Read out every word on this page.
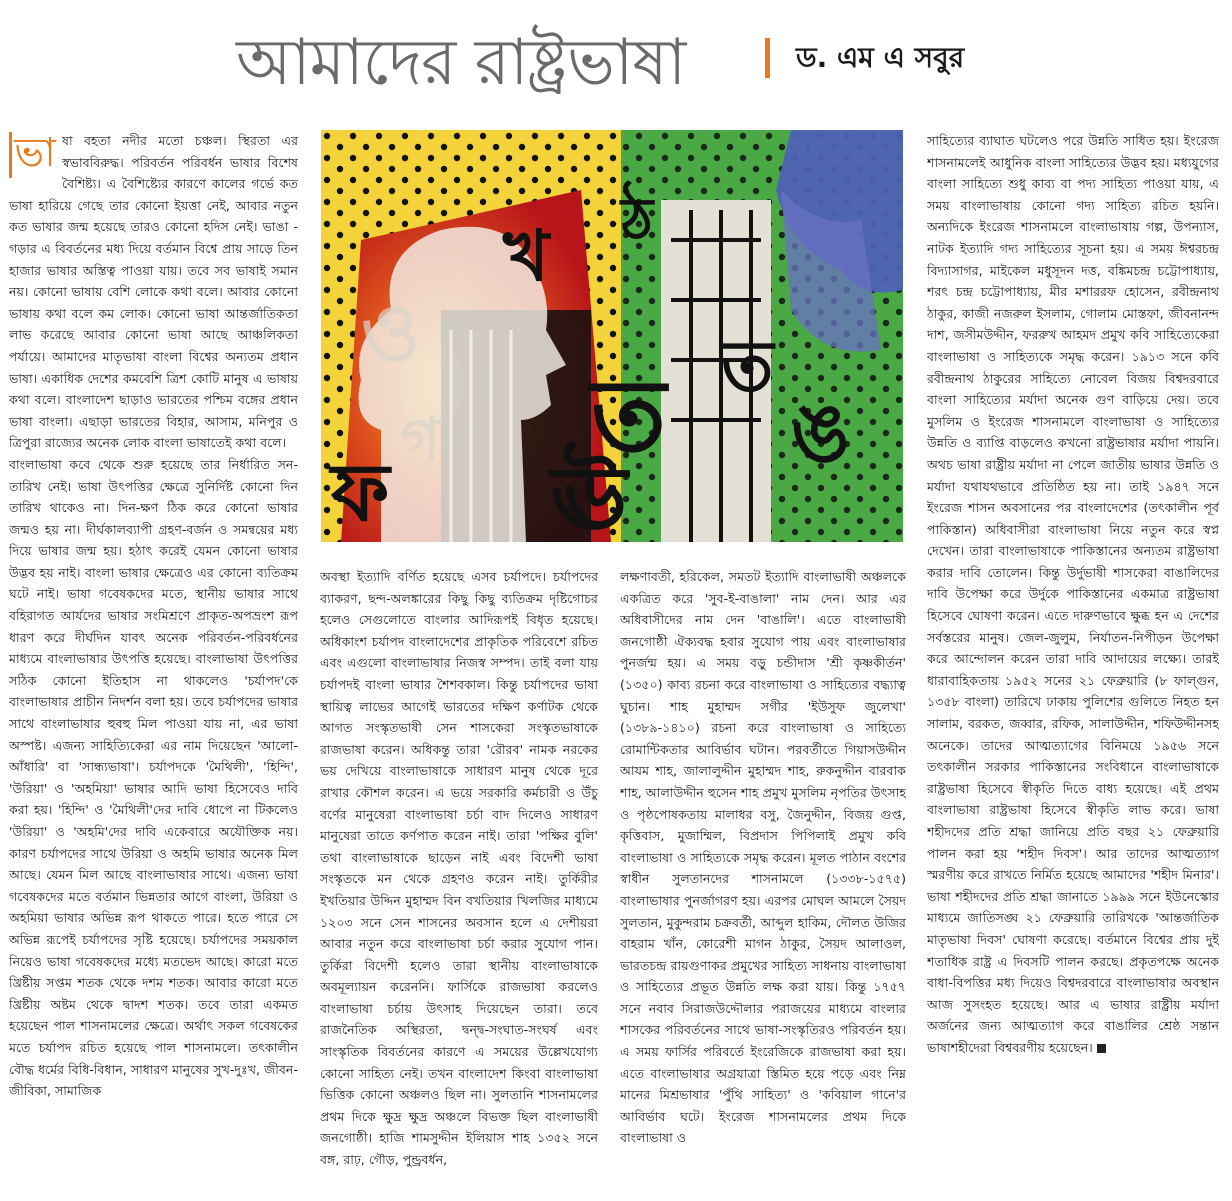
আমাদের রাষ্ট্রভাষা	ড. এম এ সবুর
ভা ষা বহতা নদীর মতো চঞ্চল। স্থিরতা এর স্বভাববিরুদ্ধ। পরিবর্তন পরিবর্ধন ভাষার বিশেষ বৈশিষ্ট্য। এ বৈশিষ্ট্যের কারণে কালের গর্ভে কত ভাষা হারিয়ে গেছে তার কোনো ইয়ত্তা নেই, আবার নতুন কত ভাষার জন্ম হয়েছে তারও কোনো হদিস নেই। ভাঙা - গড়ার এ বিবর্তনের মধ্য দিয়ে বর্তমান বিশ্বে প্রায় সাড়ে তিন হাজার ভাষার অস্তিত্ব পাওয়া যায়। তবে সব ভাষাই সমান নয়। কোনো ভাষায় বেশি লোকে কথা বলে। আবার কোনো ভাষায় কথা বলে কম লোক। কোনো ভাষা আন্তর্জাতিকতা লাভ করেছে আবার কোনো ভাষা আছে আঞ্চলিকতা পর্যায়ে। আমাদের মাতৃভাষা বাংলা বিশ্বের অন্যতম প্রধান ভাষা। একাধিক দেশের কমবেশি ত্রিশ কোটি মানুষ এ ভাষায় কথা বলে। বাংলাদেশ ছাড়াও ভারতের পশ্চিম বঙ্গের প্রধান ভাষা বাংলা। এছাড়া ভারতের বিহার, আসাম, মনিপুর ও ত্রিপুরা রাজ্যের অনেক লোক বাংলা ভাষাতেই কথা বলে।

বাংলাভাষা কবে থেকে শুরু হয়েছে তার নির্ধারিত সন-তারিখ নেই। ভাষা উৎপত্তির ক্ষেত্রে সুনির্দিষ্ট কোনো দিন তারিখ থাকেও না। দিন-ক্ষণ ঠিক করে কোনো ভাষার জন্মও হয় না। দীর্ঘকালব্যাপী গ্রহণ-বর্জন ও সমন্বয়ের মধ্য দিয়ে ভাষার জন্ম হয়। হঠাৎ করেই যেমন কোনো ভাষার উদ্ভব হয় নাই। বাংলা ভাষার ক্ষেত্রেও এর কোনো ব্যতিক্রম ঘটে নাই। ভাষা গবেষকদের মতে, স্থানীয় ভাষার সাথে বহিরাগত আর্যদের ভাষার সংমিশ্রণে প্রাকৃত-অপভ্রংশ রূপ ধারণ করে দীর্ঘদিন যাবৎ অনেক পরিবর্তন-পরিবর্ধনের মাধ্যমে বাংলাভাষার উৎপত্তি হয়েছে। বাংলাভাষা উৎপত্তির সঠিক কোনো ইতিহাস না থাকলেও 'চর্যাপদ'কে বাংলাভাষার প্রাচীন নিদর্শন বলা হয়। তবে চর্যাপদের ভাষার সাথে বাংলাভাষার হুবহু মিল পাওয়া যায় না, এর ভাষা অস্পষ্ট। এজন্য সাহিত্যিকেরা এর নাম দিয়েছেন 'আলো-আঁধারি' বা 'সান্ধ্যভাষা'। চর্যাপদকে 'মৈথিলী', 'হিন্দি', 'উরিয়া' ও 'অহমিয়া' ভাষার আদি ভাষা হিসেবেও দাবি করা হয়। 'হিন্দি' ও 'মৈথিলী'দের দাবি ধোপে না টিকলেও 'উরিয়া' ও 'অহমি'দের দাবি একেবারে অযৌক্তিক নয়। কারণ চর্যাপদের সাথে উরিয়া ও অহমি ভাষার অনেক মিল আছে। যেমন মিল আছে বাংলাভাষার সাথে। এজন্য ভাষা গবেষকদের মতে বর্তমান ভিন্নতার আগে বাংলা, উরিয়া ও অহমিয়া ভাষার অভিন্ন রূপ থাকতে পারে। হতে পারে সে অভিন্ন রূপেই চর্যাপদের সৃষ্টি হয়েছে। চর্যাপদের সময়কাল নিয়েও ভাষা গবেষকদের মধ্যে মতভেদ আছে। কারো মতে খ্রিষ্টীয় সপ্তম শতক থেকে দশম শতক। আবার কারো মতে খ্রিষ্টীয় অষ্টম থেকে দ্বাদশ শতক। তবে তারা একমত হয়েছেন পাল শাসনামলের ক্ষেত্রে। অর্থাৎ সকল গবেষকের মতে চর্যাপদ রচিত হয়েছে পাল শাসনামলে। তৎকালীন বৌদ্ধ ধর্মের বিধি-বিধান, সাধারণ মানুষের সুখ-দুঃখ, জীবন-জীবিকা, সামাজিক

খ
ত
ঠ
ঊ
ত
ঙ
ফ
ও
গ

অবস্থা ইত্যাদি বর্ণিত হয়েছে এসব চর্যাপদে। চর্যাপদের ব্যাকরণ, ছন্দ-অলঙ্কারের কিছু কিছু ব্যতিক্রম দৃষ্টিগোচর হলেও সেগুলোতে বাংলার আদিরূপই বিধৃত হয়েছে। অধিকাংশ চর্যাপদ বাংলাদেশের প্রাকৃতিক পরিবেশে রচিত এবং এগুলো বাংলাভাষার নিজস্ব সম্পদ। তাই বলা যায় চর্যাপদই বাংলা ভাষার শৈশবকাল। কিন্তু চর্যাপদের ভাষা স্থায়িত্ব লাভের আগেই ভারতের দক্ষিণ কর্ণাটক থেকে আগত সংস্কৃতভাষী সেন শাসকেরা সংস্কৃতভাষাকে রাজভাষা করেন। অধিকন্তু তারা 'রৌরব' নামক নরকের ভয় দেখিয়ে বাংলাভাষাকে সাধারণ মানুষ থেকে দূরে রাখার কৌশল করেন। এ ভয়ে সরকারি কর্মচারী ও উঁচু বর্ণের মানুষেরা বাংলাভাষা চর্চা বাদ দিলেও সাধারণ মানুষেরা তাতে কর্ণপাত করেন নাই। তারা 'পক্ষির বুলি' তথা বাংলাভাষাকে ছাড়েন নাই এবং বিদেশী ভাষা সংস্কৃতকে মন থেকে গ্রহণও করেন নাই। তুর্কিরীর ইখতিয়ার উদ্দিন মুহাম্মদ বিন বখতিয়ার খিলজির মাধ্যমে ১২০৩ সনে সেন শাসনের অবসান হলে এ দেশীয়রা আবার নতুন করে বাংলাভাষা চর্চা করার সুযোগ পান। তুর্কিরা বিদেশী হলেও তারা স্থানীয় বাংলাভাষাকে অবমূল্যায়ন করেননি। ফার্সিকে রাজভাষা করলেও বাংলাভাষা চর্চায় উৎসাহ দিয়েছেন তারা। তবে রাজনৈতিক অস্থিরতা, দ্বন্দ্ব-সংঘাত-সংঘর্ষ এবং সাংস্কৃতিক বিবর্তনের কারণে এ সময়ের উল্লেখযোগ্য কোনো সাহিত্য নেই। তখন বাংলাদেশ কিংবা বাংলাভাষা ভিত্তিক কোনো অঞ্চলও ছিল না। সুলতানি শাসনামলের প্রথম দিকে ক্ষুদ্র ক্ষুদ্র অঞ্চলে বিভক্ত ছিল বাংলাভাষী জনগোষ্ঠী। হাজি শামসুদ্দীন ইলিয়াস শাহ ১৩৫২ সনে বঙ্গ, রাঢ়, গৌড়, পুন্ড্রবর্ধন,

লক্ষণাবতী, হরিকেল, সমতট ইত্যাদি বাংলাভাষী অঞ্চলকে একত্রিত করে 'সুব-ই-বাঙালা' নাম দেন। আর এর অধিবাসীদের নাম দেন 'বাঙালি'। এতে বাংলাভাষী জনগোষ্ঠী ঐক্যবদ্ধ হবার সুযোগ পায় এবং বাংলাভাষার পুনর্জন্ম হয়। এ সময় বড়ু চন্ডীদাস 'শ্রী কৃষ্ণকীর্তন' (১৩৫০) কাব্য রচনা করে বাংলাভাষা ও সাহিত্যের বদ্ধ্যাত্ব ঘুচান। শাহ মুহাম্মদ সগীর 'ইউসুফ জুলেখা' (১৩৮৯-১৪১০) রচনা করে বাংলাভাষা ও সাহিত্যে রোমান্টিকতার আবির্ভাব ঘটান। পরবর্তীতে গিয়াসউদ্দীন আযম শাহ, জালালুদ্দীন মুহাম্মদ শাহ, রুকনুদ্দীন বারবাক শাহ, আলাউদ্দীন হুসেন শাহ প্রমুখ মুসলিম নৃপতির উৎসাহ ও পৃষ্ঠপোষকতায় মালাধর বসু, জৈনুদ্দীন, বিজয় গুপ্ত, কৃত্তিবাস, মুজাম্মিল, বিপ্রদাস পিপিলাই প্রমুখ কবি বাংলাভাষা ও সাহিত্যকে সমৃদ্ধ করেন। মূলত পাঠান বংশের স্বাধীন সুলতানদের শাসনামলে (১৩৩৮-১৫৭৫) বাংলাভাষার পুনর্জাগরণ হয়। এরপর মোঘল আমলে সৈয়দ সুলতান, মুকুন্দরাম চক্রবর্তী, আব্দুল হাকিম, দৌলত উজির বাহরাম খাঁন, কোরেশী মাগন ঠাকুর, সৈয়দ আলাওল, ভারতচন্দ্র রায়গুণাকর প্রমুখের সাহিত্য সাধনায় বাংলাভাষা ও সাহিত্যের প্রভূত উন্নতি লক্ষ করা যায়। কিন্তু ১৭৫৭ সনে নবাব সিরাজউদ্দৌলার পরাজয়ের মাধ্যমে বাংলার শাসকের পরিবর্তনের সাথে ভাষা-সংস্কৃতিরও পরিবর্তন হয়। এ সময় ফার্সির পরিবর্তে ইংরেজিকে রাজভাষা করা হয়। এতে বাংলাভাষার অগ্রযাত্রা স্তিমিত হয়ে পড়ে এবং নিম্ন মানের মিশ্রভাষার 'পুঁথি সাহিত্য' ও 'কবিয়াল গানে'র আবির্ভাব ঘটে। ইংরেজ শাসনামলের প্রথম দিকে বাংলাভাষা ও

সাহিত্যের ব্যাঘাত ঘটলেও পরে উন্নতি সাধিত হয়। ইংরেজ শাসনামলেই আধুনিক বাংলা সাহিত্যের উদ্ভব হয়। মধ্যযুগের বাংলা সাহিত্যে শুধু কাব্য বা পদ্য সাহিত্য পাওয়া যায়, এ সময় বাংলাভাষায় কোনো গদ্য সাহিত্য রচিত হয়নি। অন্যদিকে ইংরেজ শাসনামলে বাংলাভাষায় গল্প, উপন্যাস, নাটক ইত্যাদি গদ্য সাহিত্যের সূচনা হয়। এ সময় ঈশ্বরচন্দ্র বিদ্যাসাগর, মাইকেল মধুসূদন দত্ত, বঙ্কিমচন্দ্র চট্টোপাধ্যায়, শরৎ চন্দ্র চট্টোপাধ্যায়, মীর মশাররফ হোসেন, রবীন্দ্রনাথ ঠাকুর, কাজী নজরুল ইসলাম, গোলাম মোস্তফা, জীবনানন্দ দাশ, জসীমউদ্দীন, ফররুখ আহমদ প্রমুখ কবি সাহিত্যেকেরা বাংলাভাষা ও সাহিত্যকে সমৃদ্ধ করেন। ১৯১৩ সনে কবি রবীন্দ্রনাথ ঠাকুরের সাহিত্যে নোবেল বিজয় বিশ্বদরবারে বাংলা সাহিত্যের মর্যাদা অনেক গুণ বাড়িয়ে দেয়। তবে মুসলিম ও ইংরেজ শাসনামলে বাংলাভাষা ও সাহিত্যের উন্নতি ও ব্যাপ্তি বাড়লেও কখনো রাষ্ট্রভাষার মর্যাদা পায়নি। অথচ ভাষা রাষ্ট্রীয় মর্যাদা না পেলে জাতীয় ভাষার উন্নতি ও মর্যাদা যথাযথভাবে প্রতিষ্ঠিত হয় না। তাই ১৯৪৭ সনে ইংরেজ শাসন অবসানের পর বাংলাদেশের (তৎকালীন পূর্ব পাকিস্তান) অধিবাসীরা বাংলাভাষা নিয়ে নতুন করে স্বপ্ন দেখেন। তারা বাংলাভাষাকে পাকিস্তানের অন্যতম রাষ্ট্রভাষা করার দাবি তোলেন। কিন্তু উর্দুভাষী শাসকেরা বাঙালিদের দাবি উপেক্ষা করে উর্দুকে পাকিস্তানের একমাত্র রাষ্ট্রভাষা হিসেবে ঘোষণা করেন। এতে দারুণভাবে ক্ষুব্ধ হন এ দেশের সর্বস্তরের মানুষ। জেল-জুলুম, নির্যাতন-নিপীড়ন উপেক্ষা করে আন্দোলন করেন তারা দাবি আদায়ের লক্ষ্যে। তারই ধারাবাহিকতায় ১৯৫২ সনের ২১ ফেব্রুয়ারি (৮ ফাল্গুন, ১৩৫৮ বাংলা) তারিখে ঢাকায় পুলিশের গুলিতে নিহত হন সালাম, বরকত, জব্বার, রফিক, সালাউদ্দীন, শফিউদ্দীনসহ অনেকে। তাদের আত্মত্যাগের বিনিময়ে ১৯৫৬ সনে তৎকালীন সরকার পাকিস্তানের সংবিধানে বাংলাভাষাকে রাষ্ট্রভাষা হিসেবে স্বীকৃতি দিতে বাধ্য হয়েছে। এই প্রথম বাংলাভাষা রাষ্ট্রভাষা হিসেবে স্বীকৃতি লাভ করে। ভাষা শহীদদের প্রতি শ্রদ্ধা জানিয়ে প্রতি বছর ২১ ফেব্রুয়ারি পালন করা হয় 'শহীদ দিবস'। আর তাদের আত্মত্যাগ স্মরণীয় করে রাখতে নির্মিত হয়েছে আমাদের 'শহীদ মিনার'। ভাষা শহীদদের প্রতি শ্রদ্ধা জানাতে ১৯৯৯ সনে ইউনেস্কোর মাধ্যমে জাতিসঙ্ঘ ২১ ফেব্রুয়ারি তারিখকে 'আন্তর্জাতিক মাতৃভাষা দিবস' ঘোষণা করেছে। বর্তমানে বিশ্বের প্রায় দুই শতাধিক রাষ্ট্র এ দিবসটি পালন করছে। প্রকৃতপক্ষে অনেক বাধা-বিপত্তির মধ্য দিয়েও বিশ্বদরবারে বাংলাভাষার অবস্থান আজ সুসংহত হয়েছে। আর এ ভাষার রাষ্ট্রীয় মর্যাদা অর্জনের জন্য আত্মত্যাগ করে বাঙালির শ্রেষ্ঠ সন্তান ভাষাশহীদেরা বিশ্ববরণীয় হয়েছেন।
